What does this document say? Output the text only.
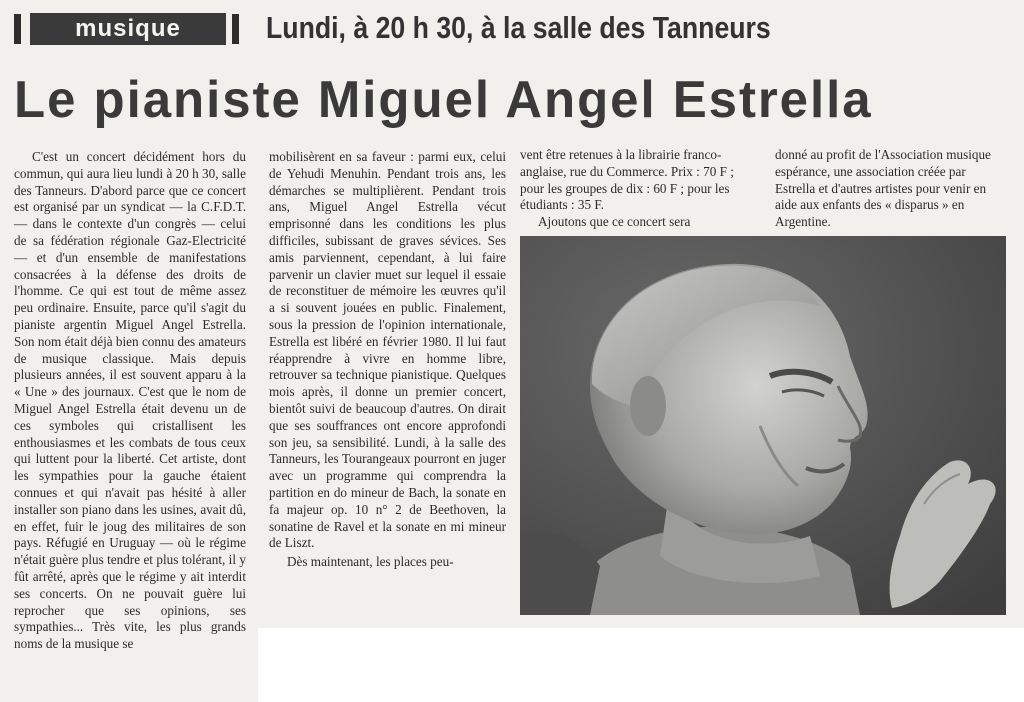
musique	Lundi, à 20 h 30, à la salle des Tanneurs
Le pianiste Miguel Angel Estrella

C'est un concert décidément hors du commun, qui aura lieu lundi à 20 h 30, salle des Tanneurs. D'abord parce que ce concert est organisé par un syndicat — la C.F.D.T. — dans le contexte d'un congrès — celui de sa fédération régionale Gaz-Electricité — et d'un ensemble de manifestations consacrées à la défense des droits de l'homme. Ce qui est tout de même assez peu ordinaire. Ensuite, parce qu'il s'agit du pianiste argentin Miguel Angel Estrella. Son nom était déjà bien connu des amateurs de musique classique. Mais depuis plusieurs années, il est souvent apparu à la « Une » des journaux. C'est que le nom de Miguel Angel Estrella était devenu un de ces symboles qui cristallisent les enthousiasmes et les combats de tous ceux qui luttent pour la liberté. Cet artiste, dont les sympathies pour la gauche étaient connues et qui n'avait pas hésité à aller installer son piano dans les usines, avait dû, en effet, fuir le joug des militaires de son pays. Réfugié en Uruguay — où le régime n'était guère plus tendre et plus tolérant, il y fût arrêté, après que le régime y ait interdit ses concerts. On ne pouvait guère lui reprocher que ses opinions, ses sympathies... Très vite, les plus grands noms de la musique se

mobilisèrent en sa faveur : parmi eux, celui de Yehudi Menuhin. Pendant trois ans, les démarches se multiplièrent. Pendant trois ans, Miguel Angel Estrella vécut emprisonné dans les conditions les plus difficiles, subissant de graves sévices. Ses amis parviennent, cependant, à lui faire parvenir un clavier muet sur lequel il essaie de reconstituer de mémoire les œuvres qu'il a si souvent jouées en public. Finalement, sous la pression de l'opinion internationale, Estrella est libéré en février 1980. Il lui faut réapprendre à vivre en homme libre, retrouver sa technique pianistique. Quelques mois après, il donne un premier concert, bientôt suivi de beaucoup d'autres. On dirait que ses souffrances ont encore approfondi son jeu, sa sensibilité. Lundi, à la salle des Tanneurs, les Tourangeaux pourront en juger avec un programme qui comprendra la partition en do mineur de Bach, la sonate en fa majeur op. 10 n° 2 de Beethoven, la sonatine de Ravel et la sonate en mi mineur de Liszt.

Dès maintenant, les places peu-

vent être retenues à la librairie franco-anglaise, rue du Commerce. Prix : 70 F ; pour les groupes de dix : 60 F ; pour les étudiants : 35 F.

Ajoutons que ce concert sera

donné au profit de l'Association musique espérance, une association créée par Estrella et d'autres artistes pour venir en aide aux enfants des « disparus » en Argentine.
